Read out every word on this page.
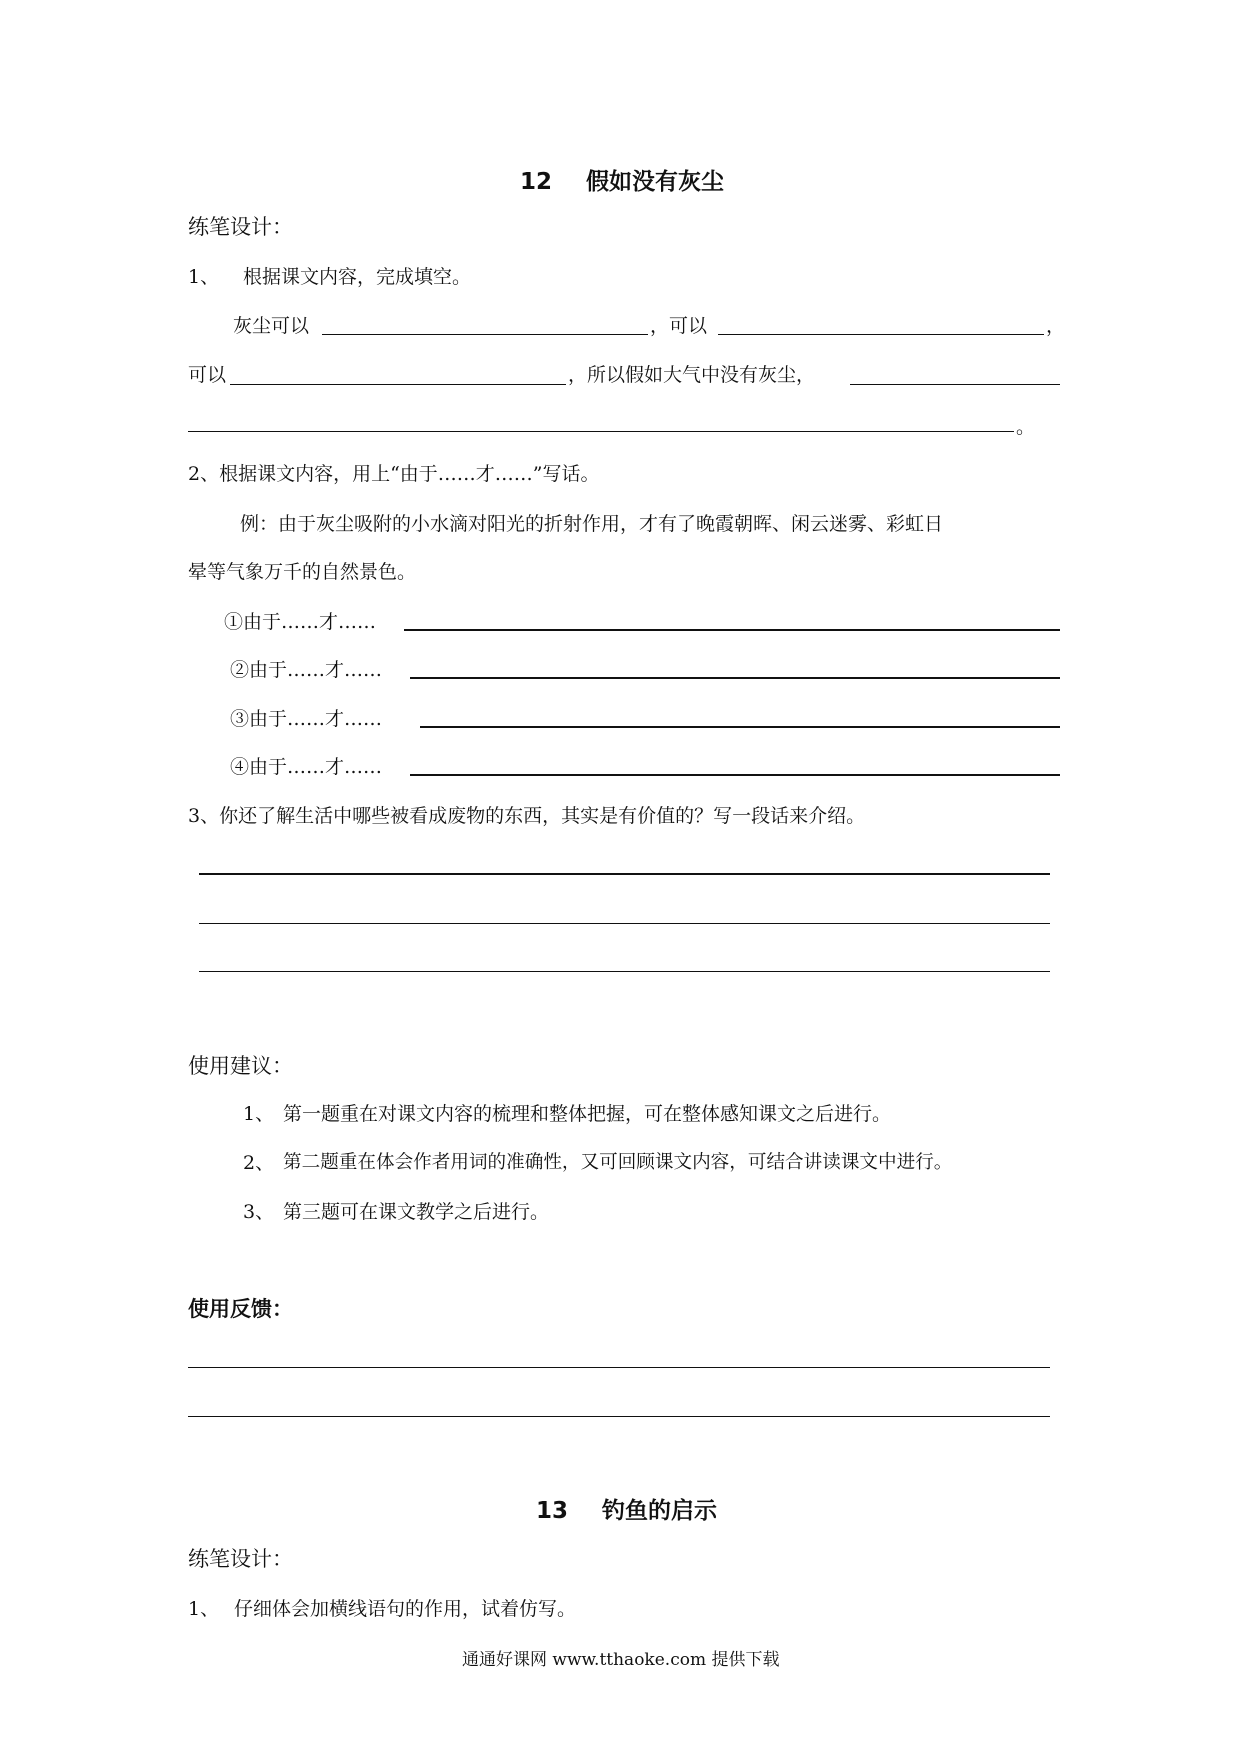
12 假如没有灰尘
练笔设计：
1、 根据课文内容，完成填空。
灰尘可以	，可以	，
可以	，所以假如大气中没有灰尘，
。
2、根据课文内容，用上“由于……才……”写话。
例：由于灰尘吸附的小水滴对阳光的折射作用，才有了晚霞朝晖、闲云迷雾、彩虹日
晕等气象万千的自然景色。
①由于……才……
②由于……才……
③由于……才……
④由于……才……
3、你还了解生活中哪些被看成废物的东西，其实是有价值的？写一段话来介绍。
使用建议：
1、 第一题重在对课文内容的梳理和整体把握，可在整体感知课文之后进行。
2、 第二题重在体会作者用词的准确性，又可回顾课文内容，可结合讲读课文中进行。
3、 第三题可在课文教学之后进行。
使用反馈：
13 钓鱼的启示
练笔设计：
1、 仔细体会加横线语句的作用，试着仿写。
通通好课网 www.tthaoke.com 提供下载
